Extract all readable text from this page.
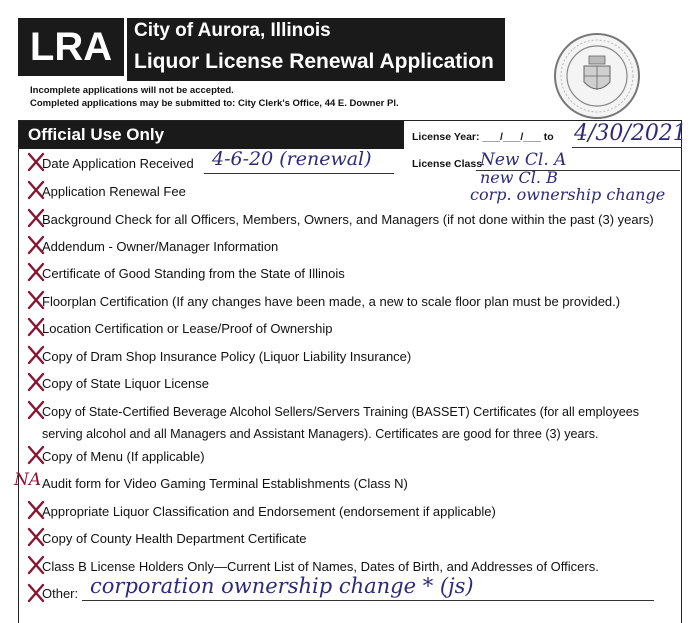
LRA	City of Aurora, Illinois
Liquor License Renewal Application
Incomplete applications will not be accepted.
Completed applications may be submitted to: City Clerk's Office, 44 E. Downer Pl.
Official Use Only	License Year: ___/___/___ to 4/30/2021
License Class
New Cl. A
new Cl. B
corp. ownership change
Date Application Received 4-6-20 (renewal)
Application Renewal Fee
Background Check for all Officers, Members, Owners, and Managers (if not done within the past (3) years)
Addendum - Owner/Manager Information
Certificate of Good Standing from the State of Illinois
Floorplan Certification (If any changes have been made, a new to scale floor plan must be provided.)
Location Certification or Lease/Proof of Ownership
Copy of Dram Shop Insurance Policy (Liquor Liability Insurance)
Copy of State Liquor License
Copy of State-Certified Beverage Alcohol Sellers/Servers Training (BASSET) Certificates (for all employees serving alcohol and all Managers and Assistant Managers). Certificates are good for three (3) years.
Copy of Menu (If applicable)
NA Audit form for Video Gaming Terminal Establishments (Class N)
Appropriate Liquor Classification and Endorsement (endorsement if applicable)
Copy of County Health Department Certificate
Class B License Holders Only—Current List of Names, Dates of Birth, and Addresses of Officers.
Other: corporation ownership change * (js)
